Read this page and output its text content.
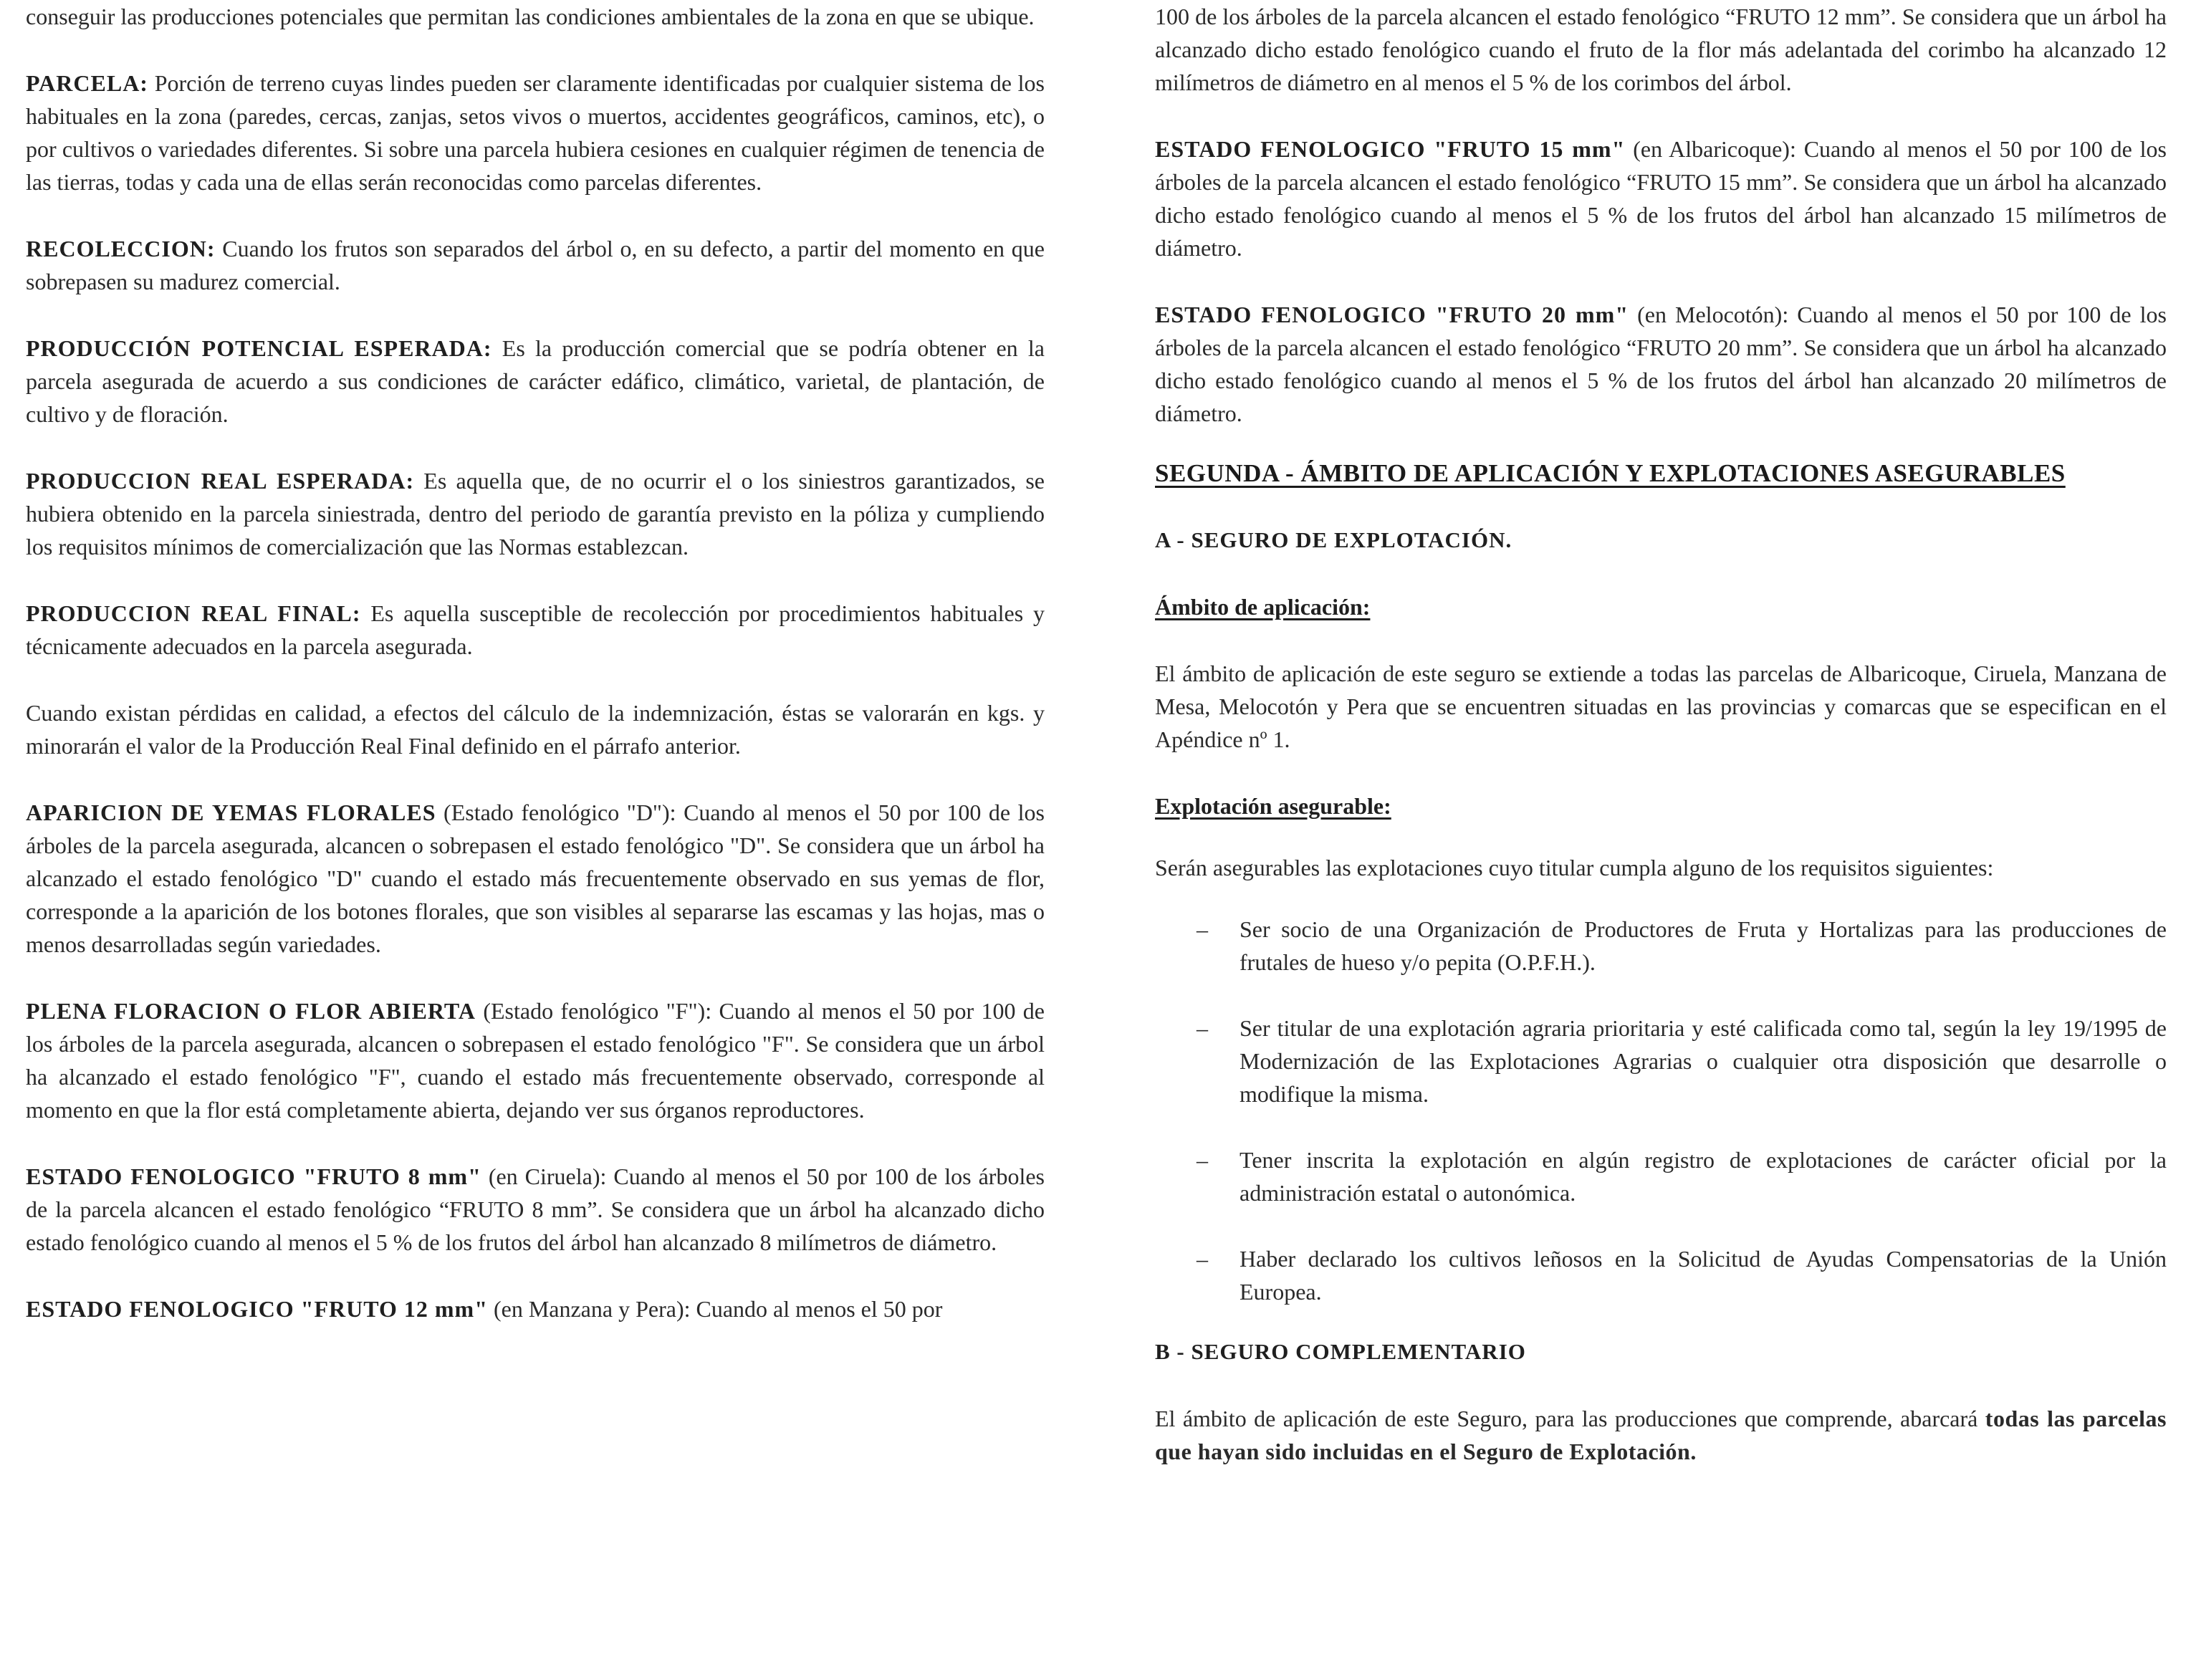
conseguir las producciones potenciales que permitan las condiciones ambientales de la zona en que se ubique.

PARCELA: Porción de terreno cuyas lindes pueden ser claramente identificadas por cualquier sistema de los habituales en la zona (paredes, cercas, zanjas, setos vivos o muertos, accidentes geográficos, caminos, etc), o por cultivos o variedades diferentes. Si sobre una parcela hubiera cesiones en cualquier régimen de tenencia de las tierras, todas y cada una de ellas serán reconocidas como parcelas diferentes.

RECOLECCION: Cuando los frutos son separados del árbol o, en su defecto, a partir del momento en que sobrepasen su madurez comercial.

PRODUCCIÓN POTENCIAL ESPERADA: Es la producción comercial que se podría obtener en la parcela asegurada de acuerdo a sus condiciones de carácter edáfico, climático, varietal, de plantación, de cultivo y de floración.

PRODUCCION REAL ESPERADA: Es aquella que, de no ocurrir el o los siniestros garantizados, se hubiera obtenido en la parcela siniestrada, dentro del periodo de garantía previsto en la póliza y cumpliendo los requisitos mínimos de comercialización que las Normas establezcan.

PRODUCCION REAL FINAL: Es aquella susceptible de recolección por procedimientos habituales y técnicamente adecuados en la parcela asegurada.

Cuando existan pérdidas en calidad, a efectos del cálculo de la indemnización, éstas se valorarán en kgs. y minorarán el valor de la Producción Real Final definido en el párrafo anterior.

APARICION DE YEMAS FLORALES (Estado fenológico "D"): Cuando al menos el 50 por 100 de los árboles de la parcela asegurada, alcancen o sobrepasen el estado fenológico "D". Se considera que un árbol ha alcanzado el estado fenológico "D" cuando el estado más frecuentemente observado en sus yemas de flor, corresponde a la aparición de los botones florales, que son visibles al separarse las escamas y las hojas, mas o menos desarrolladas según variedades.

PLENA FLORACION O FLOR ABIERTA (Estado fenológico "F"): Cuando al menos el 50 por 100 de los árboles de la parcela asegurada, alcancen o sobrepasen el estado fenológico "F". Se considera que un árbol ha alcanzado el estado fenológico "F", cuando el estado más frecuentemente observado, corresponde al momento en que la flor está completamente abierta, dejando ver sus órganos reproductores.

ESTADO FENOLOGICO "FRUTO 8 mm" (en Ciruela): Cuando al menos el 50 por 100 de los árboles de la parcela alcancen el estado fenológico “FRUTO 8 mm”. Se considera que un árbol ha alcanzado dicho estado fenológico cuando al menos el 5 % de los frutos del árbol han alcanzado 8 milímetros de diámetro.

ESTADO FENOLOGICO "FRUTO 12 mm" (en Manzana y Pera): Cuando al menos el 50 por

100 de los árboles de la parcela alcancen el estado fenológico “FRUTO 12 mm”. Se considera que un árbol ha alcanzado dicho estado fenológico cuando el fruto de la flor más adelantada del corimbo ha alcanzado 12 milímetros de diámetro en al menos el 5 % de los corimbos del árbol.

ESTADO FENOLOGICO "FRUTO 15 mm" (en Albaricoque): Cuando al menos el 50 por 100 de los árboles de la parcela alcancen el estado fenológico “FRUTO 15 mm”. Se considera que un árbol ha alcanzado dicho estado fenológico cuando al menos el 5 % de los frutos del árbol han alcanzado 15 milímetros de diámetro.

ESTADO FENOLOGICO "FRUTO 20 mm" (en Melocotón): Cuando al menos el 50 por 100 de los árboles de la parcela alcancen el estado fenológico “FRUTO 20 mm”. Se considera que un árbol ha alcanzado dicho estado fenológico cuando al menos el 5 % de los frutos del árbol han alcanzado 20 milímetros de diámetro.

SEGUNDA - ÁMBITO DE APLICACIÓN Y EXPLOTACIONES ASEGURABLES

A - SEGURO DE EXPLOTACIÓN.

Ámbito de aplicación:

El ámbito de aplicación de este seguro se extiende a todas las parcelas de Albaricoque, Ciruela, Manzana de Mesa, Melocotón y Pera que se encuentren situadas en las provincias y comarcas que se especifican en el Apéndice nº 1.

Explotación asegurable:

Serán asegurables las explotaciones cuyo titular cumpla alguno de los requisitos siguientes:

– Ser socio de una Organización de Productores de Fruta y Hortalizas para las producciones de frutales de hueso y/o pepita (O.P.F.H.).
– Ser titular de una explotación agraria prioritaria y esté calificada como tal, según la ley 19/1995 de Modernización de las Explotaciones Agrarias o cualquier otra disposición que desarrolle o modifique la misma.
– Tener inscrita la explotación en algún registro de explotaciones de carácter oficial por la administración estatal o autonómica.
– Haber declarado los cultivos leñosos en la Solicitud de Ayudas Compensatorias de la Unión Europea.

B - SEGURO COMPLEMENTARIO

El ámbito de aplicación de este Seguro, para las producciones que comprende, abarcará todas las parcelas que hayan sido incluidas en el Seguro de Explotación.
